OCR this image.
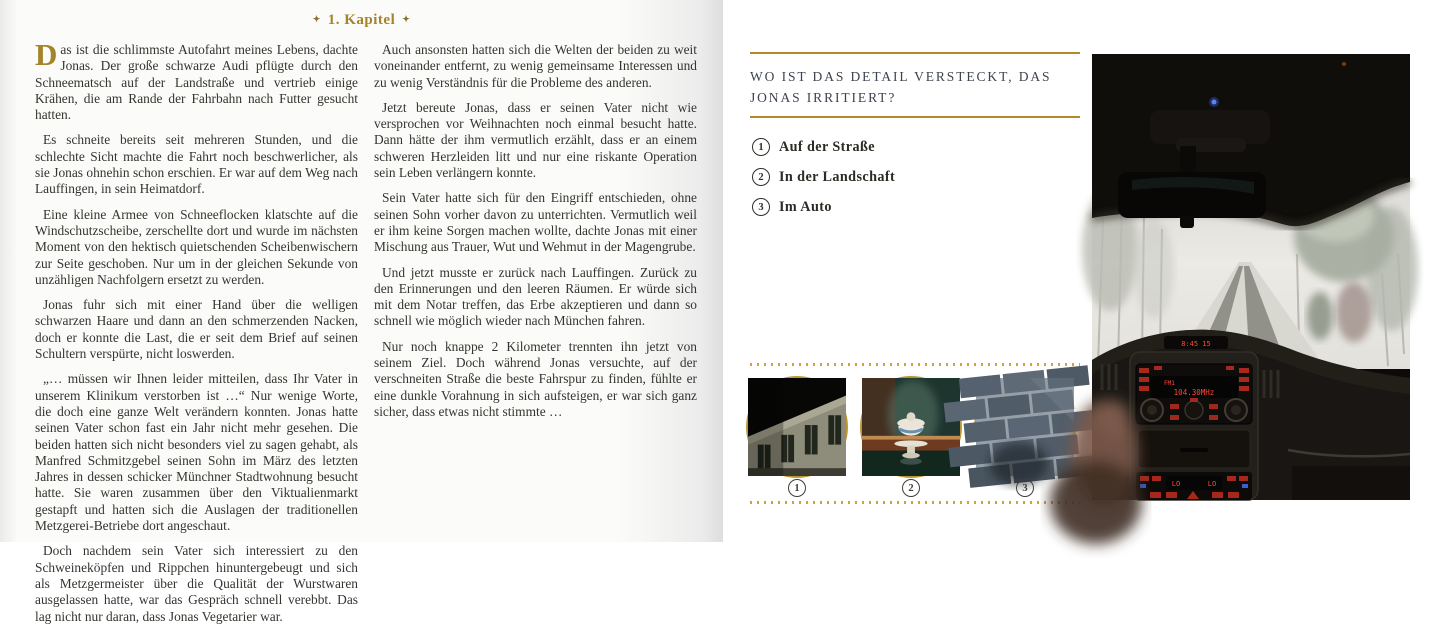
✦ 1. Kapitel ✦

Das ist die schlimmste Autofahrt meines Lebens, dachte Jonas. Der große schwarze Audi pflügte durch den Schneematsch auf der Landstraße und vertrieb einige Krähen, die am Rande der Fahrbahn nach Futter gesucht hatten.

Es schneite bereits seit mehreren Stunden, und die schlechte Sicht machte die Fahrt noch beschwerlicher, als sie Jonas ohnehin schon erschien. Er war auf dem Weg nach Lauffingen, in sein Heimatdorf.

Eine kleine Armee von Schneeflocken klatschte auf die Windschutzscheibe, zerschellte dort und wurde im nächsten Moment von den hektisch quietschenden Scheibenwischern zur Seite geschoben. Nur um in der gleichen Sekunde von unzähligen Nachfolgern ersetzt zu werden.

Jonas fuhr sich mit einer Hand über die welligen schwarzen Haare und dann an den schmerzenden Nacken, doch er konnte die Last, die er seit dem Brief auf seinen Schultern verspürte, nicht loswerden.

„… müssen wir Ihnen leider mitteilen, dass Ihr Vater in unserem Klinikum verstorben ist …“ Nur wenige Worte, die doch eine ganze Welt verändern konnten. Jonas hatte seinen Vater schon fast ein Jahr nicht mehr gesehen. Die beiden hatten sich nicht besonders viel zu sagen gehabt, als Manfred Schmitzgebel seinen Sohn im März des letzten Jahres in dessen schicker Münchner Stadtwohnung besucht hatte. Sie waren zusammen über den Viktualienmarkt gestapft und hatten sich die Auslagen der traditionellen Metzgerei-Betriebe dort angeschaut.

Doch nachdem sein Vater sich interessiert zu den Schweineköpfen und Rippchen hinuntergebeugt und sich als Metzgermeister über die Qualität der Wurstwaren ausgelassen hatte, war das Gespräch schnell verebbt. Das lag nicht nur daran, dass Jonas Vegetarier war.

Auch ansonsten hatten sich die Welten der beiden zu weit voneinander entfernt, zu wenig gemeinsame Interessen und zu wenig Verständnis für die Probleme des anderen.

Jetzt bereute Jonas, dass er seinen Vater nicht wie versprochen vor Weihnachten noch einmal besucht hatte. Dann hätte der ihm vermutlich erzählt, dass er an einem schweren Herzleiden litt und nur eine riskante Operation sein Leben verlängern konnte.

Sein Vater hatte sich für den Eingriff entschieden, ohne seinen Sohn vorher davon zu unterrichten. Vermutlich weil er ihm keine Sorgen machen wollte, dachte Jonas mit einer Mischung aus Trauer, Wut und Wehmut in der Magengrube.

Und jetzt musste er zurück nach Lauffingen. Zurück zu den Erinnerungen und den leeren Räumen. Er würde sich mit dem Notar treffen, das Erbe akzeptieren und dann so schnell wie möglich wieder nach München fahren.

Nur noch knappe 2 Kilometer trennten ihn jetzt von seinem Ziel. Doch während Jonas versuchte, auf der verschneiten Straße die beste Fahrspur zu finden, fühlte er eine dunkle Vorahnung in sich aufsteigen, er war sich ganz sicher, dass etwas nicht stimmte …

WO IST DAS DETAIL VERSTECKT, DAS JONAS IRRITIERT?
1	Auf der Straße
2	In der Landschaft
3	Im Auto
1	2	3
8:45 15
FM1
104.30MHz
LO	LO
